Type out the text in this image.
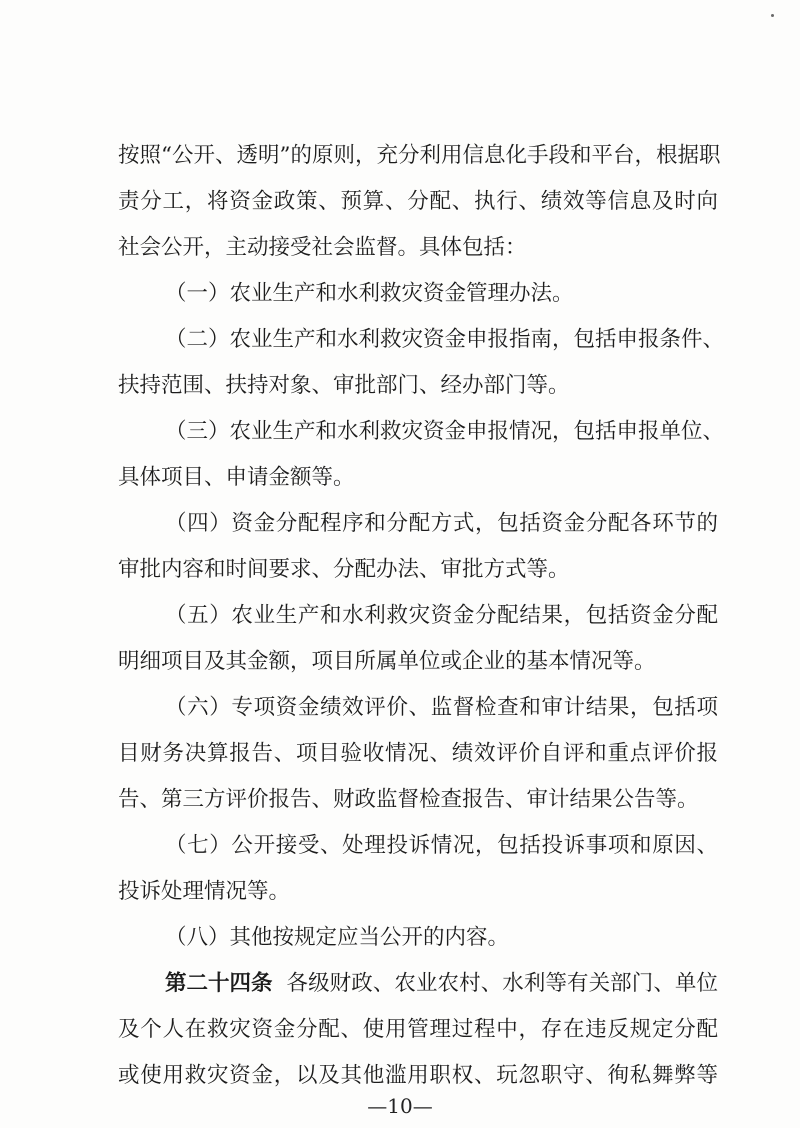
按照“公开、透明”的原则，充分利用信息化手段和平台，根据职
责分工，将资金政策、预算、分配、执行、绩效等信息及时向
社会公开，主动接受社会监督。具体包括：
（一）农业生产和水利救灾资金管理办法。
（二）农业生产和水利救灾资金申报指南，包括申报条件、
扶持范围、扶持对象、审批部门、经办部门等。
（三）农业生产和水利救灾资金申报情况，包括申报单位、
具体项目、申请金额等。
（四）资金分配程序和分配方式，包括资金分配各环节的
审批内容和时间要求、分配办法、审批方式等。
（五）农业生产和水利救灾资金分配结果，包括资金分配
明细项目及其金额，项目所属单位或企业的基本情况等。
（六）专项资金绩效评价、监督检查和审计结果，包括项
目财务决算报告、项目验收情况、绩效评价自评和重点评价报
告、第三方评价报告、财政监督检查报告、审计结果公告等。
（七）公开接受、处理投诉情况，包括投诉事项和原因、
投诉处理情况等。
（八）其他按规定应当公开的内容。
第二十四条 各级财政、农业农村、水利等有关部门、单位
及个人在救灾资金分配、使用管理过程中，存在违反规定分配
或使用救灾资金，以及其他滥用职权、玩忽职守、徇私舞弊等
—10—
